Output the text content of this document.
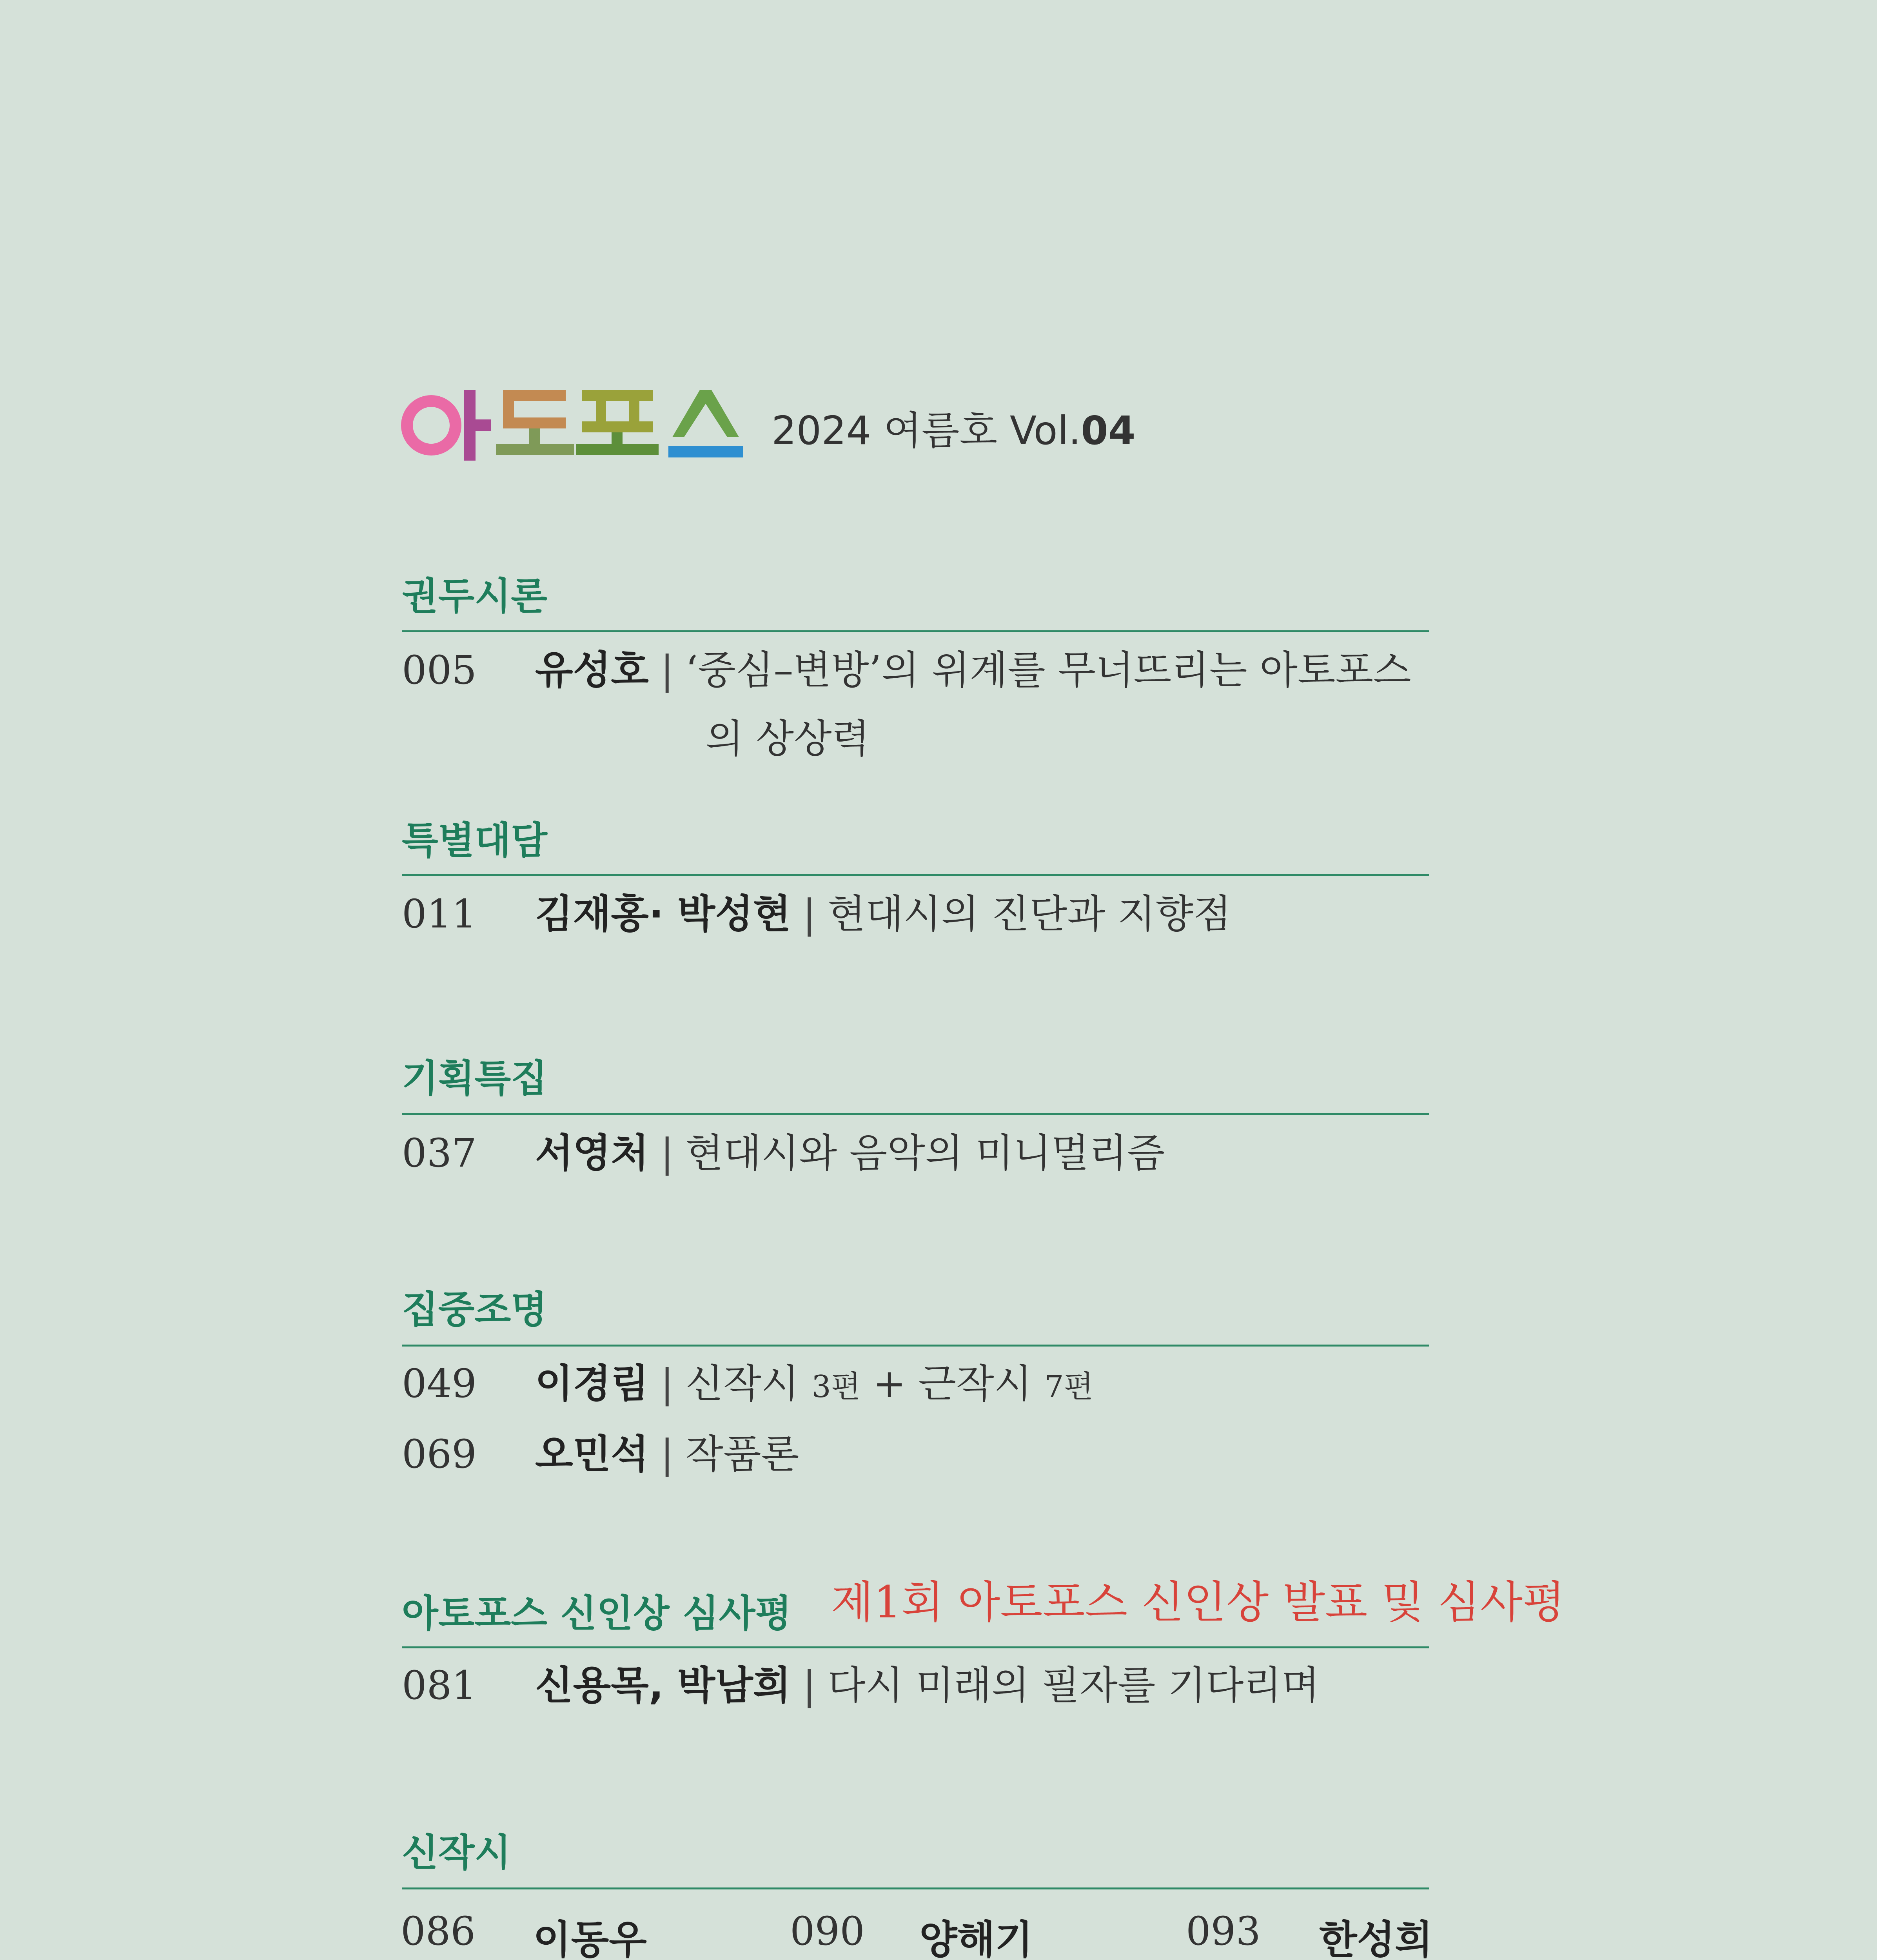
2024 여름호 Vol.04
권두시론
005 유성호 | ‘중심–변방’의 위계를 무너뜨리는 아토포스
의 상상력
특별대담
011 김재홍· 박성현 | 현대시의 진단과 지향점
기획특집
037 서영처 | 현대시와 음악의 미니멀리즘
집중조명
049 이경림 | 신작시 3편 + 근작시 7편
069 오민석 | 작품론
아토포스 신인상 심사평 제1회 아토포스 신인상 발표 및 심사평
081 신용목, 박남희 | 다시 미래의 필자를 기다리며
신작시
086 이동우	090 양해기	093 한성희
